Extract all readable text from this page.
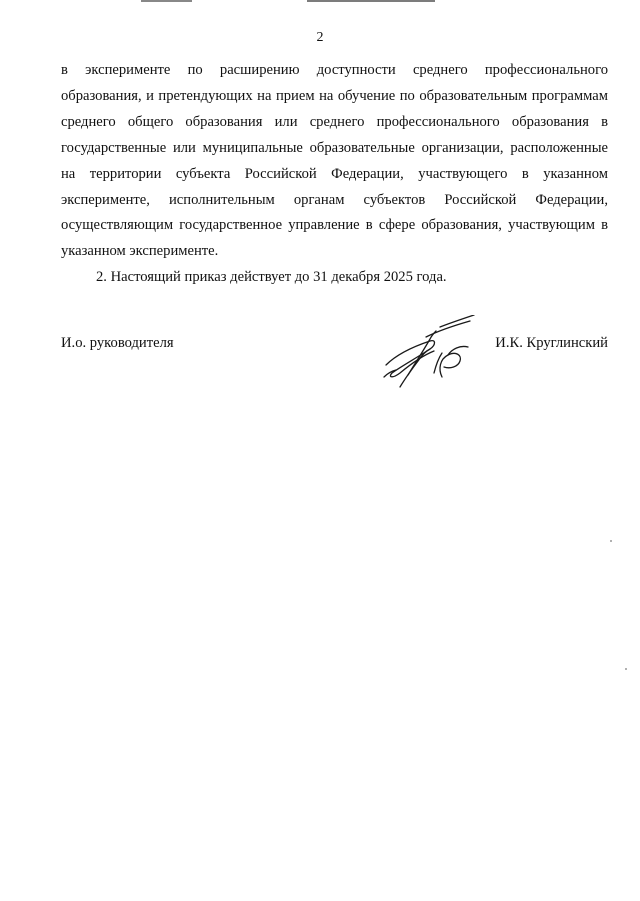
2

в эксперименте по расширению доступности среднего профессионального образования, и претендующих на прием на обучение по образовательным программам среднего общего образования или среднего профессионального образования в государственные или муниципальные образовательные организации, расположенные на территории субъекта Российской Федерации, участвующего в указанном эксперименте, исполнительным органам субъектов Российской Федерации, осуществляющим государственное управление в сфере образования, участвующим в указанном эксперименте.

2. Настоящий приказ действует до 31 декабря 2025 года.

И.о. руководителя	И.К. Круглинский
